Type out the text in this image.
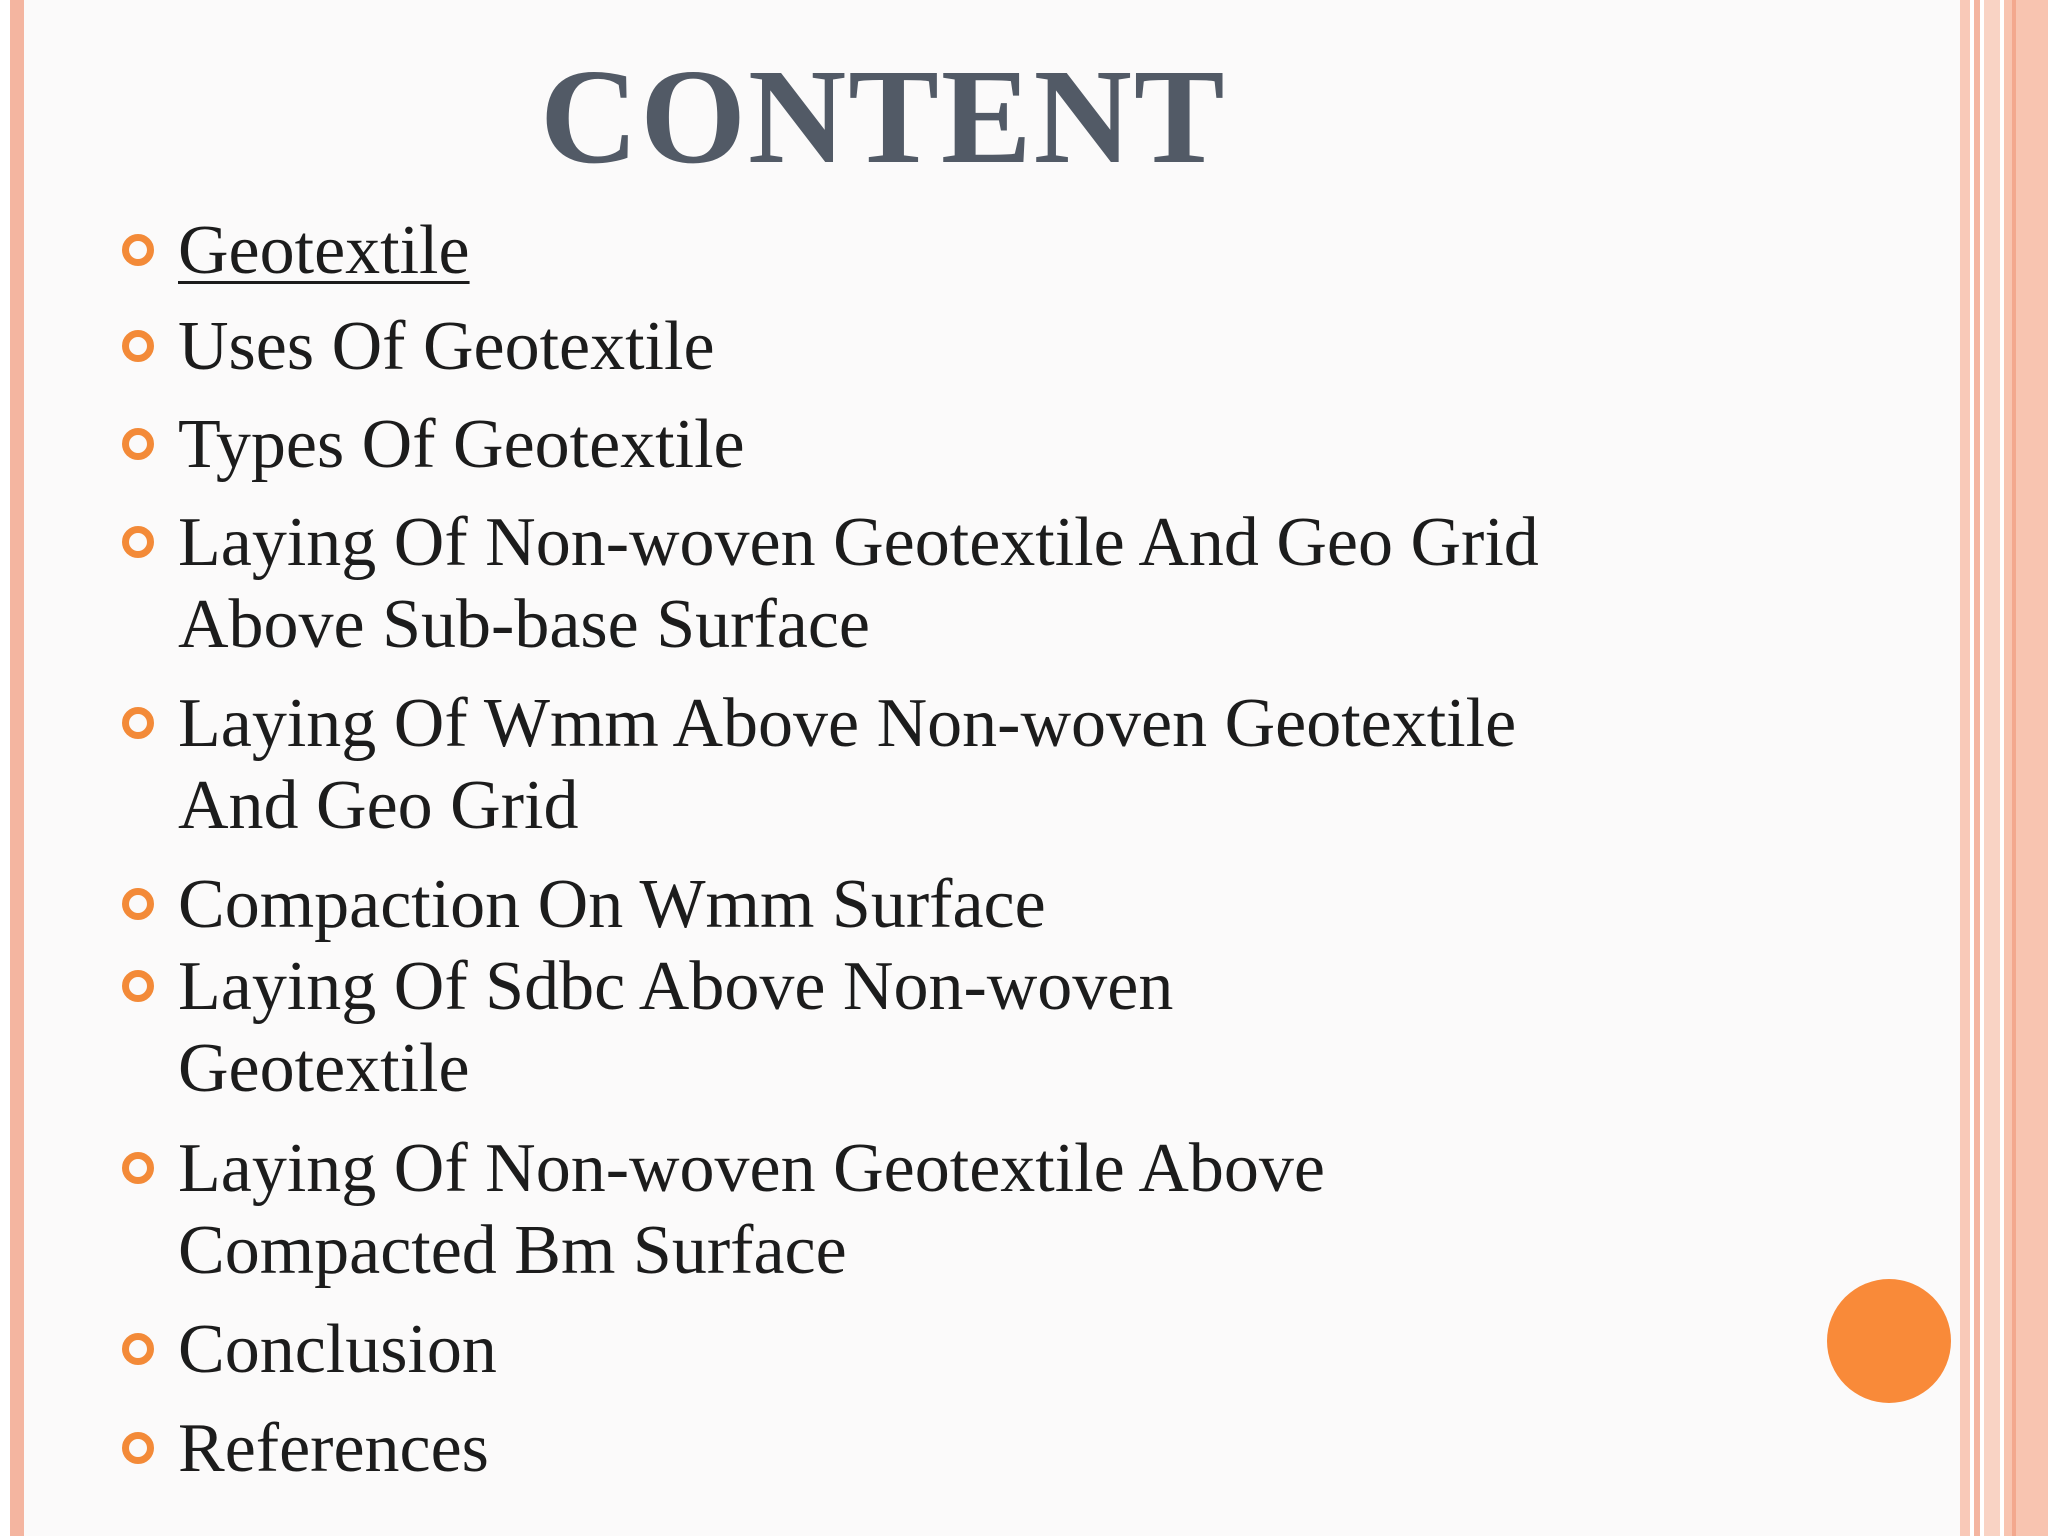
CONTENT
Geotextile
Uses Of Geotextile
Types Of Geotextile
Laying Of Non-woven Geotextile And Geo Grid
Above Sub-base Surface
Laying Of Wmm Above Non-woven Geotextile
And Geo Grid
Compaction On Wmm Surface
Laying Of Sdbc Above Non-woven
Geotextile
Laying Of Non-woven Geotextile Above
Compacted Bm Surface
Conclusion
References
